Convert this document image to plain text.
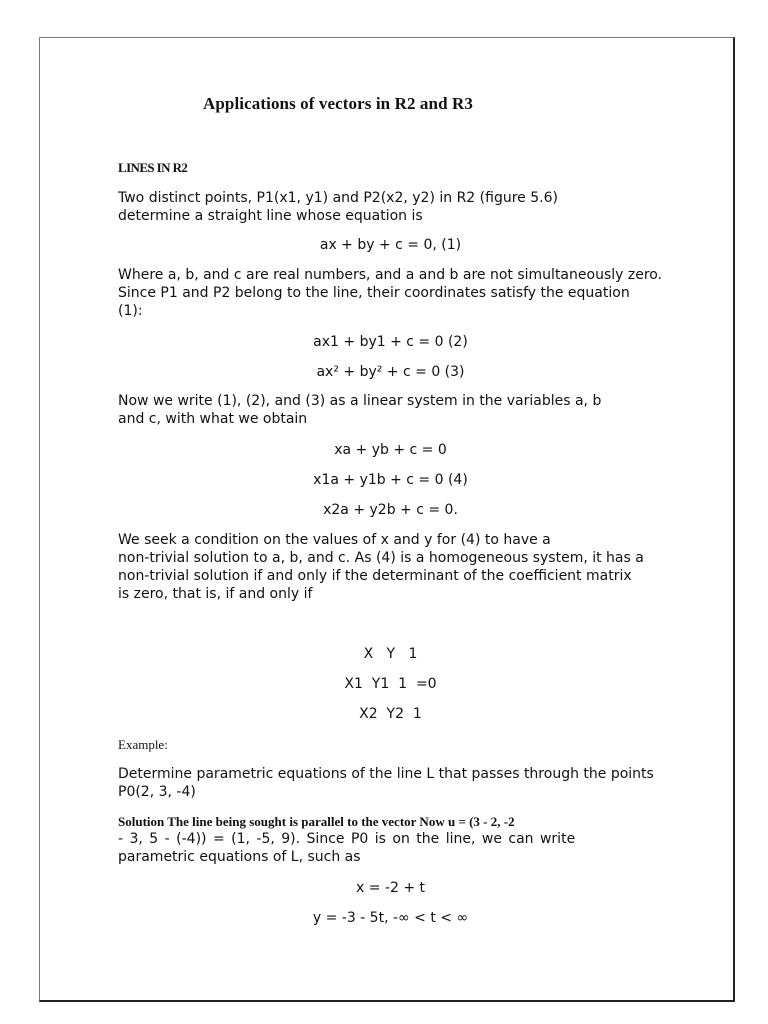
Applications of vectors in R2 and R3
LINES IN R2
Two distinct points, P1(x1, y1) and P2(x2, y2) in R2 (figure 5.6)
determine a straight line whose equation is
ax + by + c = 0, (1)
Where a, b, and c are real numbers, and a and b are not simultaneously zero.
Since P1 and P2 belong to the line, their coordinates satisfy the equation
(1):
ax1 + by1 + c = 0 (2)
ax² + by² + c = 0 (3)
Now we write (1), (2), and (3) as a linear system in the variables a, b
and c, with what we obtain
xa + yb + c = 0
x1a + y1b + c = 0 (4)
x2a + y2b + c = 0.
We seek a condition on the values of x and y for (4) to have a
non-trivial solution to a, b, and c. As (4) is a homogeneous system, it has a
non-trivial solution if and only if the determinant of the coefficient matrix
is zero, that is, if and only if
X   Y   1
X1  Y1  1  =0
X2  Y2  1
Example:
Determine parametric equations of the line L that passes through the points
P0(2, 3, -4)
Solution The line being sought is parallel to the vector Now u = (3 - 2, -2
- 3, 5 - (-4)) = (1, -5, 9). Since P0 is on the line, we can write
parametric equations of L, such as
x = -2 + t
y = -3 - 5t, -∞ < t < ∞
